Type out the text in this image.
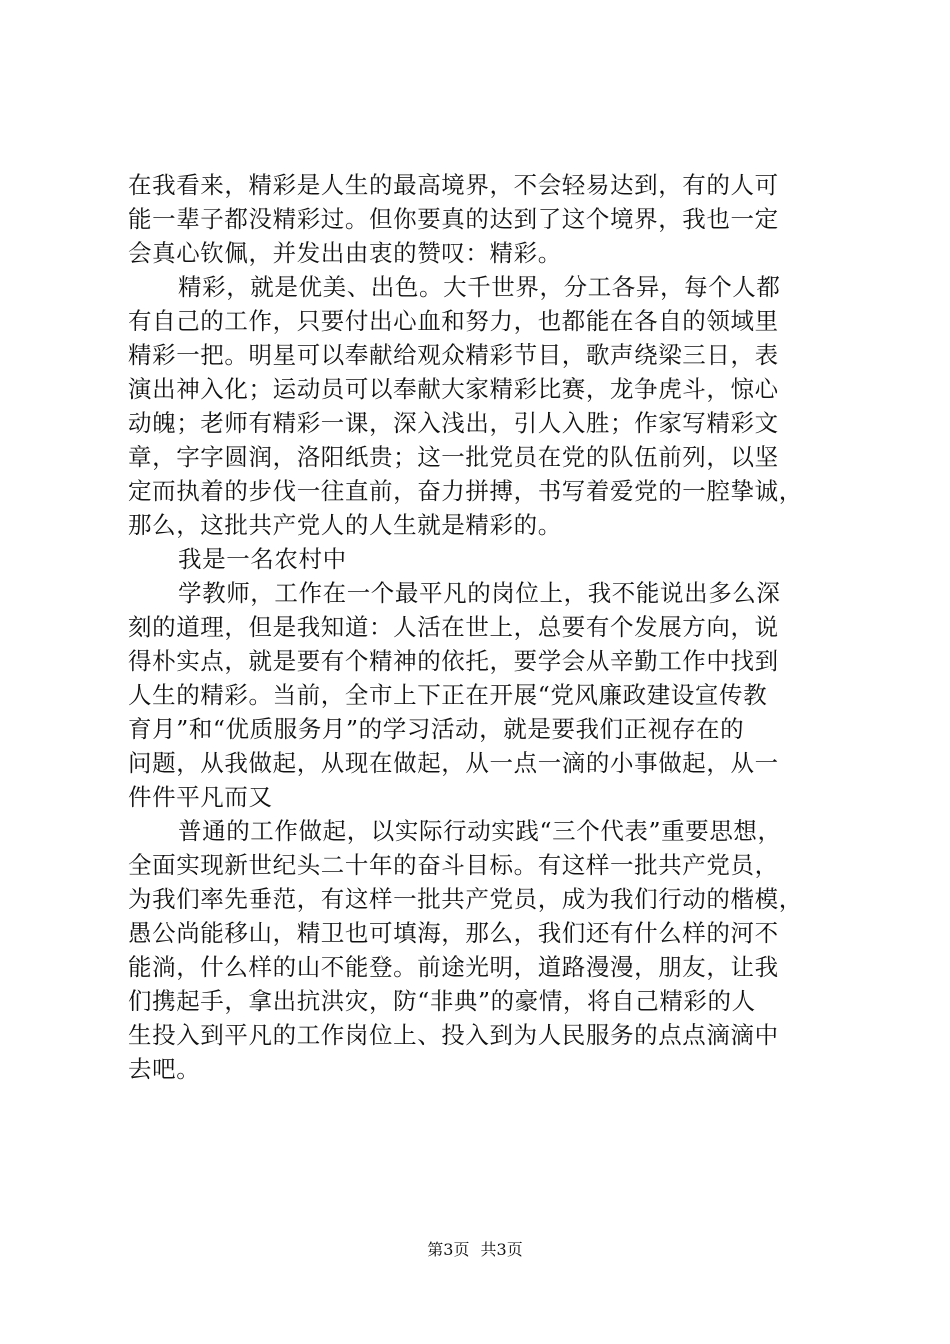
在我看来，精彩是人生的最高境界，不会轻易达到，有的人可
能一辈子都没精彩过。但你要真的达到了这个境界，我也一定
会真心钦佩，并发出由衷的赞叹：精彩。
精彩，就是优美、出色。大千世界，分工各异，每个人都
有自己的工作，只要付出心血和努力，也都能在各自的领域里
精彩一把。明星可以奉献给观众精彩节目，歌声绕梁三日，表
演出神入化；运动员可以奉献大家精彩比赛，龙争虎斗，惊心
动魄；老师有精彩一课，深入浅出，引人入胜；作家写精彩文
章，字字圆润，洛阳纸贵；这一批党员在党的队伍前列，以坚
定而执着的步伐一往直前，奋力拼搏，书写着爱党的一腔挚诚，
那么，这批共产党人的人生就是精彩的。
我是一名农村中
学教师，工作在一个最平凡的岗位上，我不能说出多么深
刻的道理，但是我知道：人活在世上，总要有个发展方向，说
得朴实点，就是要有个精神的依托，要学会从辛勤工作中找到
人生的精彩。当前，全市上下正在开展“党风廉政建设宣传教
育月”和“优质服务月”的学习活动，就是要我们正视存在的
问题，从我做起，从现在做起，从一点一滴的小事做起，从一
件件平凡而又
普通的工作做起，以实际行动实践“三个代表”重要思想，
全面实现新世纪头二十年的奋斗目标。有这样一批共产党员，
为我们率先垂范，有这样一批共产党员，成为我们行动的楷模，
愚公尚能移山，精卫也可填海，那么，我们还有什么样的河不
能淌，什么样的山不能登。前途光明，道路漫漫，朋友，让我
们携起手，拿出抗洪灾，防“非典”的豪情，将自己精彩的人
生投入到平凡的工作岗位上、投入到为人民服务的点点滴滴中
去吧。
第3页 共3页
